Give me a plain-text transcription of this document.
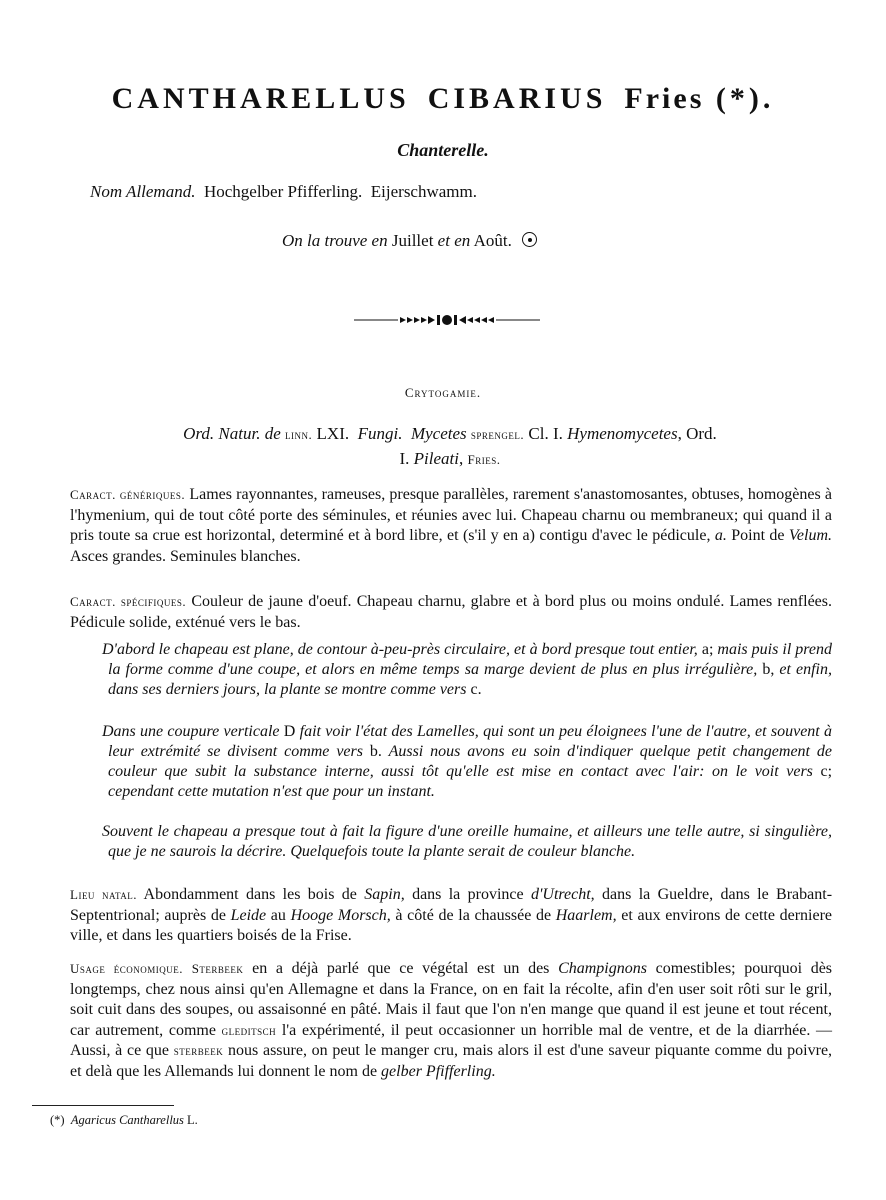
CANTHARELLUS CIBARIUS Fries (*).
Chanterelle.
Nom Allemand. Hochgelber Pfifferling. Eijerschwamm.
On la trouve en Juillet et en Août.
Crytogamie.
Ord. Natur. de linn. LXI. Fungi. Mycetes sprengel. Cl. I. Hymenomycetes, Ord.
I. Pileati, Fries.
Caract. génériques. Lames rayonnantes, rameuses, presque parallèles, rarement s'anastomosantes, obtuses, homogènes à l'hymenium, qui de tout côté porte des séminules, et réunies avec lui. Chapeau charnu ou membraneux; qui quand il a pris toute sa crue est horizontal, determiné et à bord libre, et (s'il y en a) contigu d'avec le pédicule, a. Point de Velum. Asces grandes. Seminules blanches.
Caract. spécifiques. Couleur de jaune d'oeuf. Chapeau charnu, glabre et à bord plus ou moins ondulé. Lames renflées. Pédicule solide, exténué vers le bas.
D'abord le chapeau est plane, de contour à-peu-près circulaire, et à bord presque tout entier, a; mais puis il prend la forme comme d'une coupe, et alors en même temps sa marge devient de plus en plus irrégulière, b, et enfin, dans ses derniers jours, la plante se montre comme vers c.
Dans une coupure verticale D fait voir l'état des Lamelles, qui sont un peu éloignees l'une de l'autre, et souvent à leur extrémité se divisent comme vers b. Aussi nous avons eu soin d'indiquer quelque petit changement de couleur que subit la substance interne, aussi tôt qu'elle est mise en contact avec l'air: on le voit vers c; cependant cette mutation n'est que pour un instant.
Souvent le chapeau a presque tout à fait la figure d'une oreille humaine, et ailleurs une telle autre, si singulière, que je ne saurois la décrire. Quelquefois toute la plante serait de couleur blanche.
Lieu natal. Abondamment dans les bois de Sapin, dans la province d'Utrecht, dans la Gueldre, dans le Brabant-Septentrional; auprès de Leide au Hooge Morsch, à côté de la chaussée de Haarlem, et aux environs de cette derniere ville, et dans les quartiers boisés de la Frise.
Usage économique. Sterbeek en a déjà parlé que ce végétal est un des Champignons comestibles; pourquoi dès longtemps, chez nous ainsi qu'en Allemagne et dans la France, on en fait la récolte, afin d'en user soit rôti sur le gril, soit cuit dans des soupes, ou assaisonné en pâté. Mais il faut que l'on n'en mange que quand il est jeune et tout récent, car autrement, comme gleditsch l'a expérimenté, il peut occasionner un horrible mal de ventre, et de la diarrhée. — Aussi, à ce que sterbeek nous assure, on peut le manger cru, mais alors il est d'une saveur piquante comme du poivre, et delà que les Allemands lui donnent le nom de gelber Pfifferling.
(*) Agaricus Cantharellus L.
